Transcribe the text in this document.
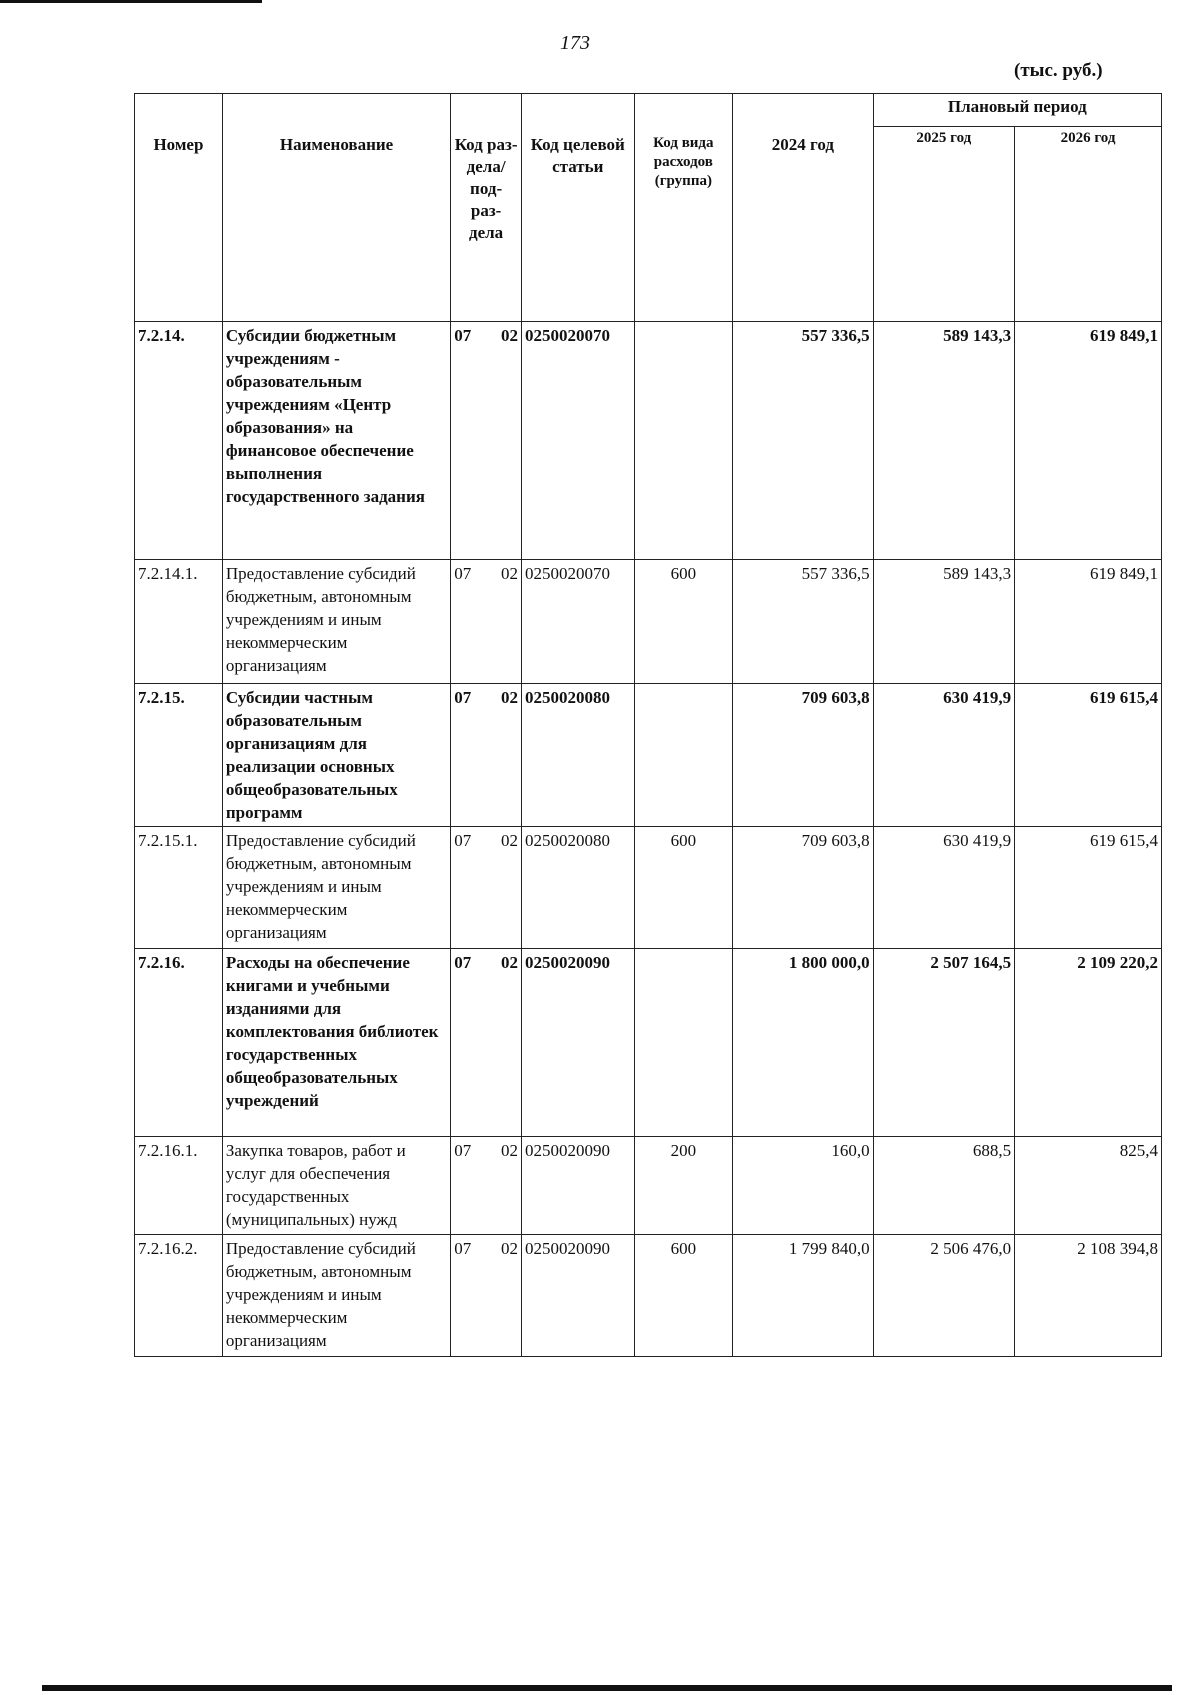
173
(тыс. руб.)
Номер	Наименование	Код раз- дела/ под- раз- дела	Код целевой статьи	Код вида расходов (группа)	2024 год	Плановый период	
						2025 год	2026 год
7.2.14.	Субсидии бюджетным учреждениям - образовательным учреждениям «Центр образования» на финансовое обеспечение выполнения государственного задания	07 02	0250020070		557 336,5	589 143,3	619 849,1
7.2.14.1.	Предоставление субсидий бюджетным, автономным учреждениям и иным некоммерческим организациям	07 02	0250020070	600	557 336,5	589 143,3	619 849,1
7.2.15.	Субсидии частным образовательным организациям для реализации основных общеобразовательных программ	07 02	0250020080		709 603,8	630 419,9	619 615,4
7.2.15.1.	Предоставление субсидий бюджетным, автономным учреждениям и иным некоммерческим организациям	07 02	0250020080	600	709 603,8	630 419,9	619 615,4
7.2.16.	Расходы на обеспечение книгами и учебными изданиями для комплектования библиотек государственных общеобразовательных учреждений	07 02	0250020090		1 800 000,0	2 507 164,5	2 109 220,2
7.2.16.1.	Закупка товаров, работ и услуг для обеспечения государственных (муниципальных) нужд	07 02	0250020090	200	160,0	688,5	825,4
7.2.16.2.	Предоставление субсидий бюджетным, автономным учреждениям и иным некоммерческим организациям	07 02	0250020090	600	1 799 840,0	2 506 476,0	2 108 394,8
